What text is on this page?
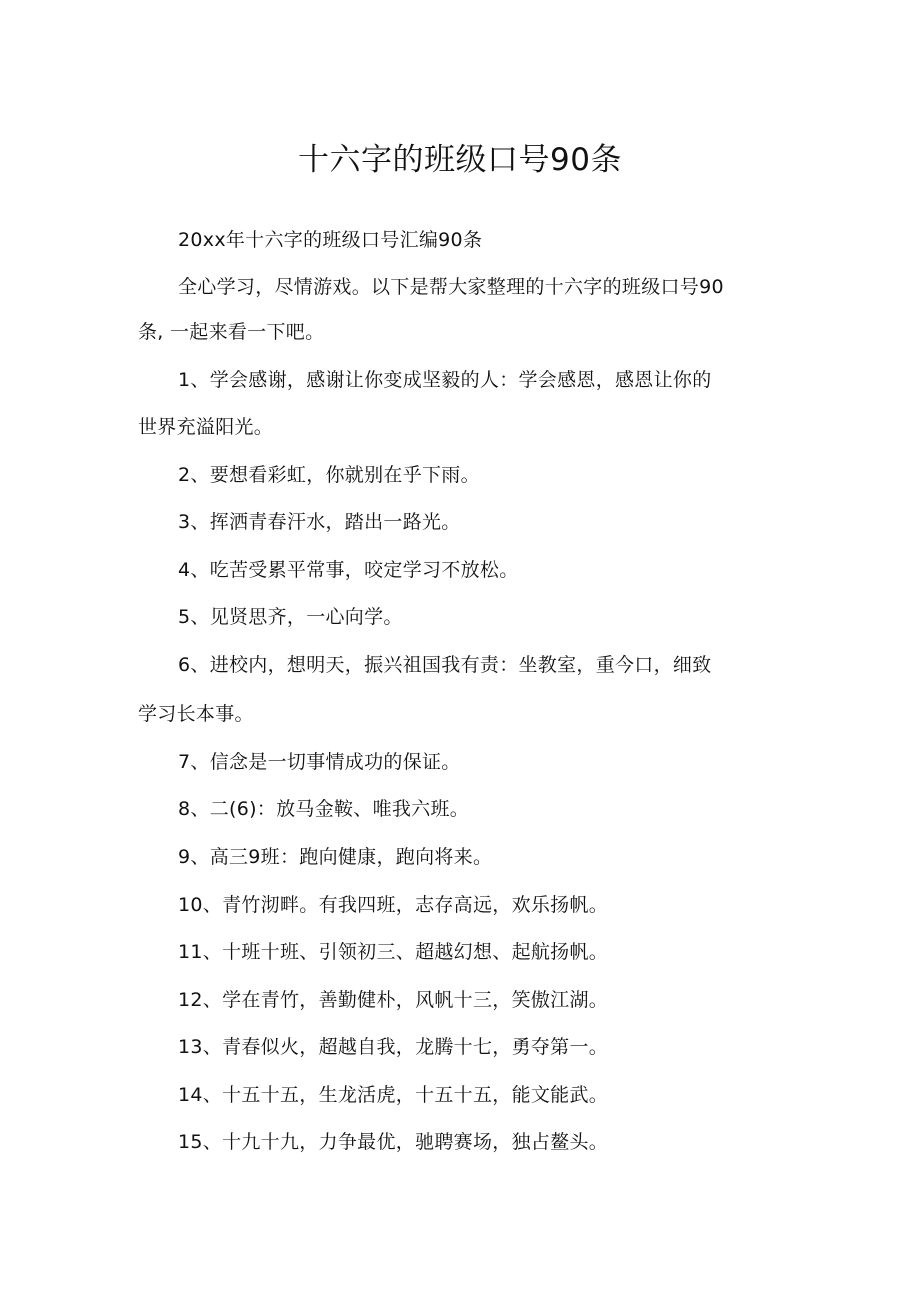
十六字的班级口号90条
20xx年十六字的班级口号汇编90条
全心学习，尽情游戏。以下是帮大家整理的十六字的班级口号90
条, 一起来看一下吧。
1、学会感谢，感谢让你变成坚毅的人：学会感恩，感恩让你的
世界充溢阳光。
2、要想看彩虹，你就别在乎下雨。
3、挥洒青春汗水，踏出一路光。
4、吃苦受累平常事，咬定学习不放松。
5、见贤思齐，一心向学。
6、进校内，想明天，振兴祖国我有责：坐教室，重今口，细致
学习长本事。
7、信念是一切事情成功的保证。
8、二(6)：放马金鞍、唯我六班。
9、高三9班：跑向健康，跑向将来。
10、青竹沏畔。有我四班，志存高远，欢乐扬帆。
11、十班十班、引领初三、超越幻想、起航扬帆。
12、学在青竹，善勤健朴，风帆十三，笑傲江湖。
13、青春似火，超越自我，龙腾十七，勇夺第一。
14、十五十五，生龙活虎，十五十五，能文能武。
15、十九十九，力争最优，驰聘赛场，独占鳌头。
